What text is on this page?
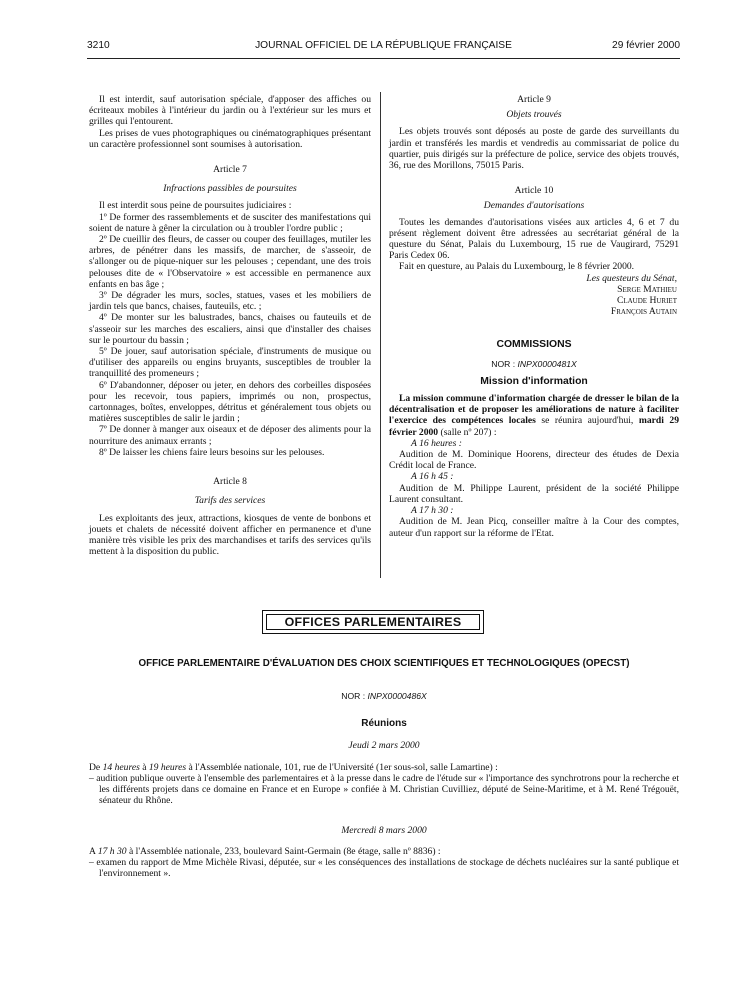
3210	JOURNAL OFFICIEL DE LA RÉPUBLIQUE FRANÇAISE	29 février 2000

Il est interdit, sauf autorisation spéciale, d'apposer des affiches ou écriteaux mobiles à l'intérieur du jardin ou à l'extérieur sur les murs et grilles qui l'entourent.

Les prises de vues photographiques ou cinématographiques présentant un caractère professionnel sont soumises à autorisation.

Article 7

Infractions passibles de poursuites

Il est interdit sous peine de poursuites judiciaires :

1º De former des rassemblements et de susciter des manifestations qui soient de nature à gêner la circulation ou à troubler l'ordre public ;

2º De cueillir des fleurs, de casser ou couper des feuillages, mutiler les arbres, de pénétrer dans les massifs, de marcher, de s'asseoir, de s'allonger ou de pique-niquer sur les pelouses ; cependant, une des trois pelouses dite de « l'Observatoire » est accessible en permanence aux enfants en bas âge ;

3º De dégrader les murs, socles, statues, vases et les mobiliers de jardin tels que bancs, chaises, fauteuils, etc. ;

4º De monter sur les balustrades, bancs, chaises ou fauteuils et de s'asseoir sur les marches des escaliers, ainsi que d'installer des chaises sur le pourtour du bassin ;

5º De jouer, sauf autorisation spéciale, d'instruments de musique ou d'utiliser des appareils ou engins bruyants, susceptibles de troubler la tranquillité des promeneurs ;

6º D'abandonner, déposer ou jeter, en dehors des corbeilles disposées pour les recevoir, tous papiers, imprimés ou non, prospectus, cartonnages, boîtes, enveloppes, détritus et généralement tous objets ou matières susceptibles de salir le jardin ;

7º De donner à manger aux oiseaux et de déposer des aliments pour la nourriture des animaux errants ;

8º De laisser les chiens faire leurs besoins sur les pelouses.

Article 8

Tarifs des services

Les exploitants des jeux, attractions, kiosques de vente de bonbons et jouets et chalets de nécessité doivent afficher en permanence et d'une manière très visible les prix des marchandises et tarifs des services qu'ils mettent à la disposition du public.

Article 9

Objets trouvés

Les objets trouvés sont déposés au poste de garde des surveillants du jardin et transférés les mardis et vendredis au commissariat de police du quartier, puis dirigés sur la préfecture de police, service des objets trouvés, 36, rue des Morillons, 75015 Paris.

Article 10

Demandes d'autorisations

Toutes les demandes d'autorisations visées aux articles 4, 6 et 7 du présent règlement doivent être adressées au secrétariat général de la questure du Sénat, Palais du Luxembourg, 15 rue de Vaugirard, 75291 Paris Cedex 06.

Fait en questure, au Palais du Luxembourg, le 8 février 2000.

Les questeurs du Sénat,

Serge Mathieu

Claude Huriet

François Autain

COMMISSIONS

NOR : INPX0000481X

Mission d'information

La mission commune d'information chargée de dresser le bilan de la décentralisation et de proposer les améliorations de nature à faciliter l'exercice des compétences locales se réunira aujourd'hui, mardi 29 février 2000 (salle nº 207) :

A 16 heures :

Audition de M. Dominique Hoorens, directeur des études de Dexia Crédit local de France.

A 16 h 45 :

Audition de M. Philippe Laurent, président de la société Philippe Laurent consultant.

A 17 h 30 :

Audition de M. Jean Picq, conseiller maître à la Cour des comptes, auteur d'un rapport sur la réforme de l'Etat.

OFFICES PARLEMENTAIRES

OFFICE PARLEMENTAIRE D'ÉVALUATION DES CHOIX SCIENTIFIQUES ET TECHNOLOGIQUES (OPECST)

NOR : INPX0000486X

Réunions

Jeudi 2 mars 2000

De 14 heures à 19 heures à l'Assemblée nationale, 101, rue de l'Université (1er sous-sol, salle Lamartine) :

– audition publique ouverte à l'ensemble des parlementaires et à la presse dans le cadre de l'étude sur « l'importance des synchrotrons pour la recherche et les différents projets dans ce domaine en France et en Europe » confiée à M. Christian Cuvilliez, député de Seine-Maritime, et à M. René Trégouët, sénateur du Rhône.

Mercredi 8 mars 2000

A 17 h 30 à l'Assemblée nationale, 233, boulevard Saint-Germain (8e étage, salle nº 8836) :

– examen du rapport de Mme Michèle Rivasi, députée, sur « les conséquences des installations de stockage de déchets nucléaires sur la santé publique et l'environnement ».
